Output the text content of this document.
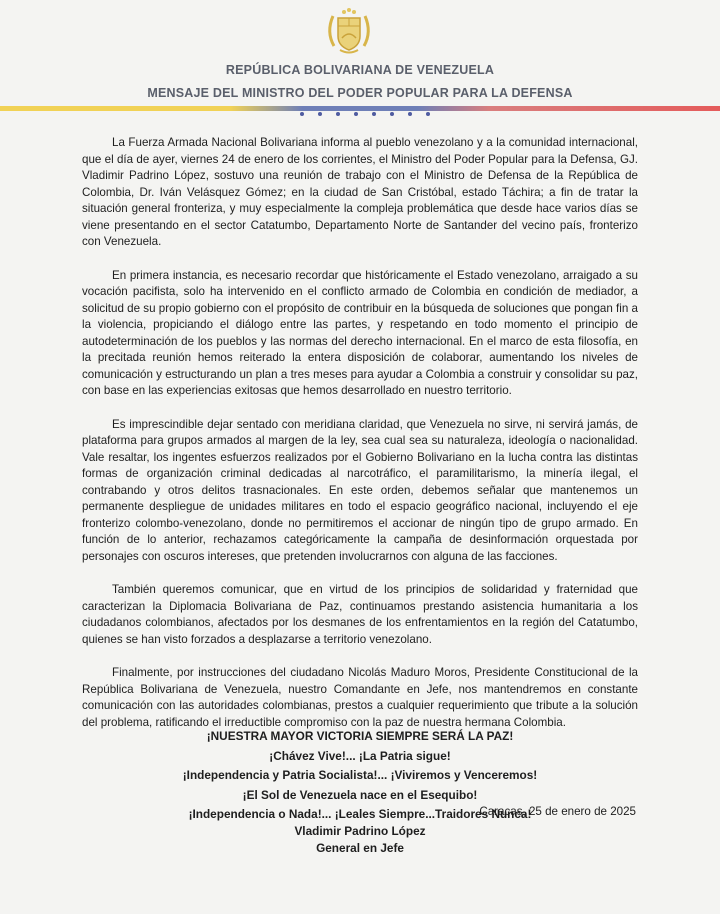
REPÚBLICA BOLIVARIANA DE VENEZUELA
MENSAJE DEL MINISTRO DEL PODER POPULAR PARA LA DEFENSA

La Fuerza Armada Nacional Bolivariana informa al pueblo venezolano y a la comunidad internacional, que el día de ayer, viernes 24 de enero de los corrientes, el Ministro del Poder Popular para la Defensa, GJ. Vladimir Padrino López, sostuvo una reunión de trabajo con el Ministro de Defensa de la República de Colombia, Dr. Iván Velásquez Gómez; en la ciudad de San Cristóbal, estado Táchira; a fin de tratar la situación general fronteriza, y muy especialmente la compleja problemática que desde hace varios días se viene presentando en el sector Catatumbo, Departamento Norte de Santander del vecino país, fronterizo con Venezuela.

En primera instancia, es necesario recordar que históricamente el Estado venezolano, arraigado a su vocación pacifista, solo ha intervenido en el conflicto armado de Colombia en condición de mediador, a solicitud de su propio gobierno con el propósito de contribuir en la búsqueda de soluciones que pongan fin a la violencia, propiciando el diálogo entre las partes, y respetando en todo momento el principio de autodeterminación de los pueblos y las normas del derecho internacional. En el marco de esta filosofía, en la precitada reunión hemos reiterado la entera disposición de colaborar, aumentando los niveles de comunicación y estructurando un plan a tres meses para ayudar a Colombia a construir y consolidar su paz, con base en las experiencias exitosas que hemos desarrollado en nuestro territorio.

Es imprescindible dejar sentado con meridiana claridad, que Venezuela no sirve, ni servirá jamás, de plataforma para grupos armados al margen de la ley, sea cual sea su naturaleza, ideología o nacionalidad. Vale resaltar, los ingentes esfuerzos realizados por el Gobierno Bolivariano en la lucha contra las distintas formas de organización criminal dedicadas al narcotráfico, el paramilitarismo, la minería ilegal, el contrabando y otros delitos trasnacionales. En este orden, debemos señalar que mantenemos un permanente despliegue de unidades militares en todo el espacio geográfico nacional, incluyendo el eje fronterizo colombo-venezolano, donde no permitiremos el accionar de ningún tipo de grupo armado. En función de lo anterior, rechazamos categóricamente la campaña de desinformación orquestada por personajes con oscuros intereses, que pretenden involucrarnos con alguna de las facciones.

También queremos comunicar, que en virtud de los principios de solidaridad y fraternidad que caracterizan la Diplomacia Bolivariana de Paz, continuamos prestando asistencia humanitaria a los ciudadanos colombianos, afectados por los desmanes de los enfrentamientos en la región del Catatumbo, quienes se han visto forzados a desplazarse a territorio venezolano.

Finalmente, por instrucciones del ciudadano Nicolás Maduro Moros, Presidente Constitucional de la República Bolivariana de Venezuela, nuestro Comandante en Jefe, nos mantendremos en constante comunicación con las autoridades colombianas, prestos a cualquier requerimiento que tribute a la solución del problema, ratificando el irreductible compromiso con la paz de nuestra hermana Colombia.

¡NUESTRA MAYOR VICTORIA SIEMPRE SERÁ LA PAZ!
¡Chávez Vive!... ¡La Patria sigue!
¡Independencia y Patria Socialista!... ¡Viviremos y Venceremos!
¡El Sol de Venezuela nace en el Esequibo!
¡Independencia o Nada!... ¡Leales Siempre...Traidores Nunca!
Caracas, 25 de enero de 2025
Vladimir Padrino López
General en Jefe
